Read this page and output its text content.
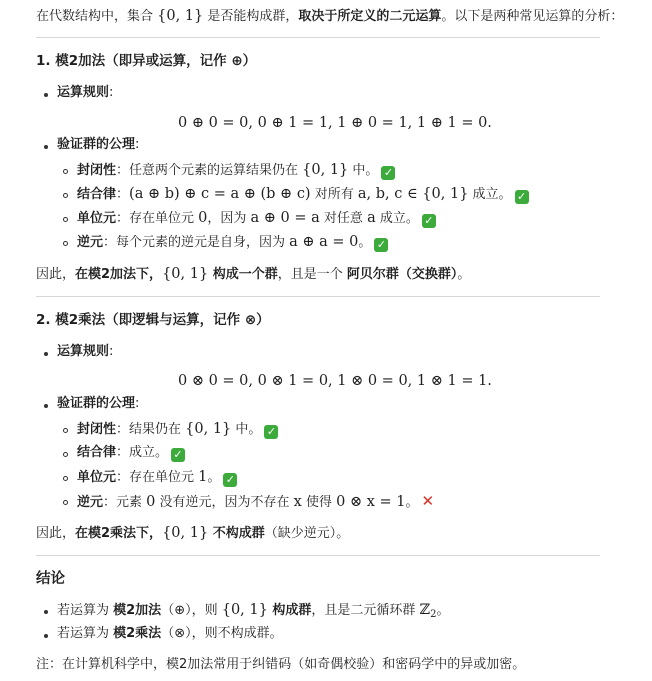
在代数结构中，集合 {0, 1} 是否能构成群，取决于所定义的二元运算。以下是两种常见运算的分析：
1. 模2加法（即异或运算，记作 ⊕）
运算规则:
0 ⊕ 0 = 0, 0 ⊕ 1 = 1, 1 ⊕ 0 = 1, 1 ⊕ 1 = 0.
验证群的公理:
封闭性：任意两个元素的运算结果仍在 {0, 1} 中。 ✓
结合律：(a ⊕ b) ⊕ c = a ⊕ (b ⊕ c) 对所有 a, b, c ∈ {0, 1} 成立。 ✓
单位元：存在单位元 0，因为 a ⊕ 0 = a 对任意 a 成立。 ✓
逆元：每个元素的逆元是自身，因为 a ⊕ a = 0。 ✓
因此，在模2加法下，{0, 1} 构成一个群，且是一个 阿贝尔群（交换群）。
2. 模2乘法（即逻辑与运算，记作 ⊗）
运算规则:
0 ⊗ 0 = 0, 0 ⊗ 1 = 0, 1 ⊗ 0 = 0, 1 ⊗ 1 = 1.
验证群的公理:
封闭性：结果仍在 {0, 1} 中。 ✓
结合律：成立。 ✓
单位元：存在单位元 1。 ✓
逆元：元素 0 没有逆元，因为不存在 x 使得 0 ⊗ x = 1。 ✕
因此，在模2乘法下，{0, 1} 不构成群（缺少逆元）。
结论
若运算为 模2加法（⊕），则 {0, 1} 构成群，且是二元循环群 ℤ$_2$。
若运算为 模2乘法（⊗），则不构成群。
注：在计算机科学中，模2加法常用于纠错码（如奇偶校验）和密码学中的异或加密。
